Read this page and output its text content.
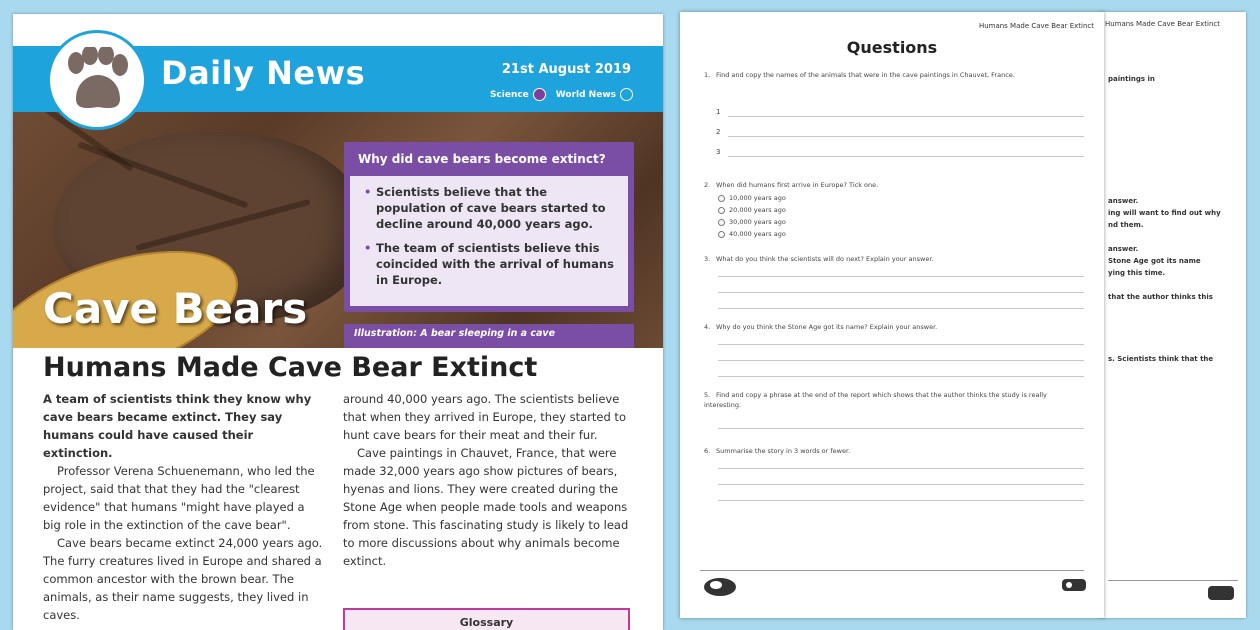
Daily News	21st August 2019
Science	World News
Cave Bears
Why did cave bears become extinct?
• Scientists believe that the population of cave bears started to decline around 40,000 years ago.
• The team of scientists believe this coincided with the arrival of humans in Europe.
Illustration: A bear sleeping in a cave
Humans Made Cave Bear Extinct

A team of scientists think they know why cave bears became extinct. They say humans could have caused their extinction.

Professor Verena Schuenemann, who led the project, said that that they had the "clearest evidence" that humans "might have played a big role in the extinction of the cave bear".

Cave bears became extinct 24,000 years ago. The furry creatures lived in Europe and shared a common ancestor with the brown bear. The animals, as their name suggests, they lived in caves.

around 40,000 years ago. The scientists believe that when they arrived in Europe, they started to hunt cave bears for their meat and their fur.

Cave paintings in Chauvet, France, that were made 32,000 years ago show pictures of bears, hyenas and lions. They were created during the Stone Age when people made tools and weapons from stone. This fascinating study is likely to lead to more discussions about why animals become extinct.

Glossary
Humans Made Cave Bear Extinct
paintings in
answer.
ing will want to find out why
nd them.
answer.
Stone Age got its name
ying this time.
that the author thinks this
s. Scientists think that the
Humans Made Cave Bear Extinct
Questions
1. Find and copy the names of the animals that were in the cave paintings in Chauvet, France.
1
2
3
2. When did humans first arrive in Europe? Tick one.
10,000 years ago
20,000 years ago
30,000 years ago
40,000 years ago
3. What do you think the scientists will do next? Explain your answer.
4. Why do you think the Stone Age got its name? Explain your answer.
5. Find and copy a phrase at the end of the report which shows that the author thinks the study is really interesting.
6. Summarise the story in 3 words or fewer.
